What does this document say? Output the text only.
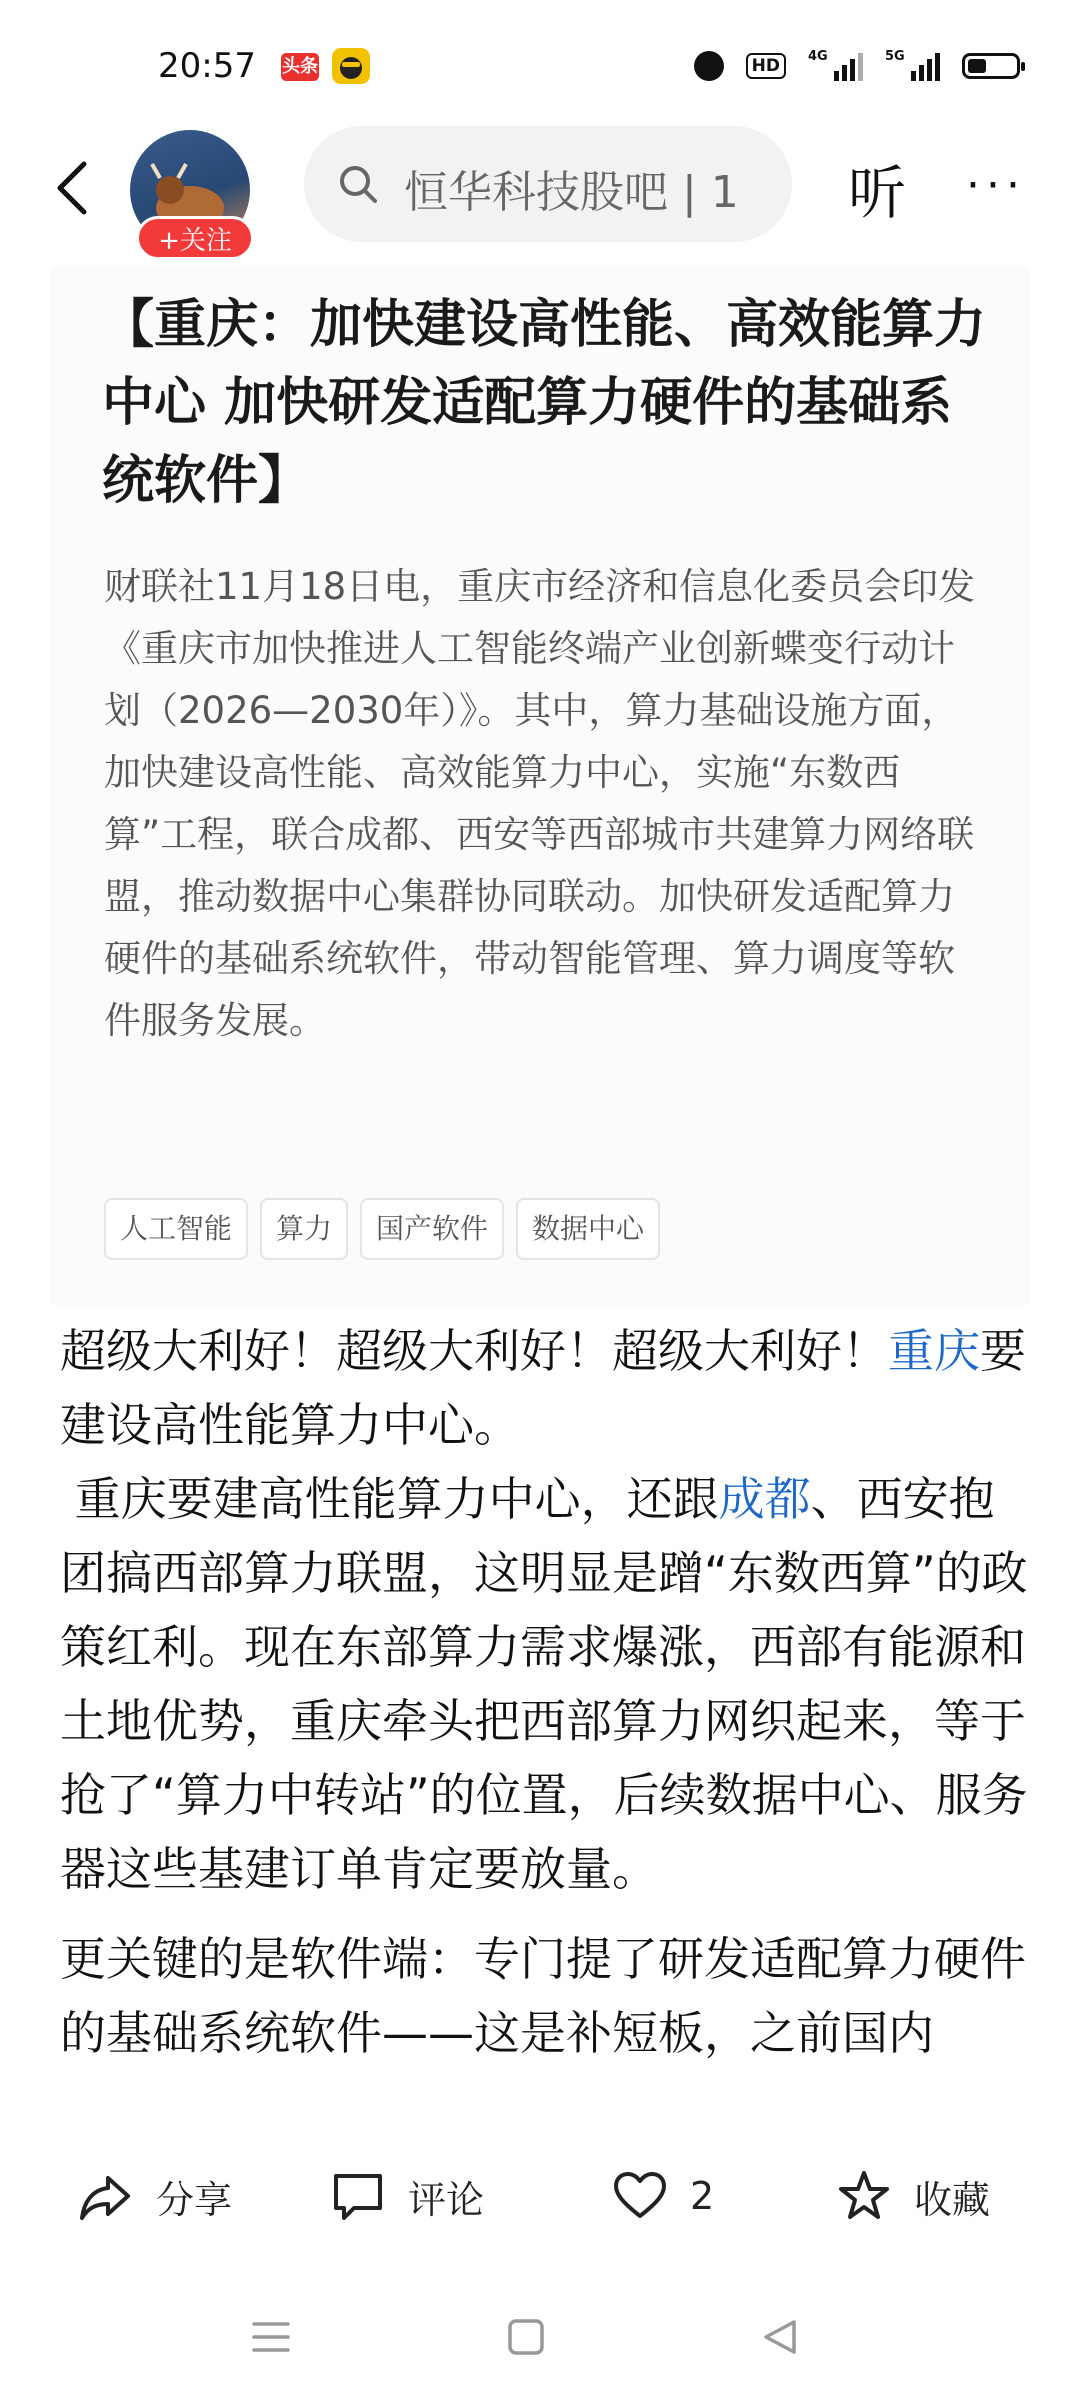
20:57 头条	HD	4G	5G
+关注
恒华科技股吧 | 1	听 ···
【重庆：加快建设高性能、高效能算力中心 加快研发适配算力硬件的基础系统软件】
财联社11月18日电，重庆市经济和信息化委员会印发《重庆市加快推进人工智能终端产业创新蝶变行动计划（2026—2030年）》。其中，算力基础设施方面，加快建设高性能、高效能算力中心，实施“东数西算”工程，联合成都、西安等西部城市共建算力网络联盟，推动数据中心集群协同联动。加快研发适配算力硬件的基础系统软件，带动智能管理、算力调度等软件服务发展。
人工智能	算力	国产软件	数据中心

超级大利好！超级大利好！超级大利好！重庆要建设高性能算力中心。

重庆要建高性能算力中心，还跟成都、西安抱团搞西部算力联盟，这明显是蹭“东数西算”的政策红利。现在东部算力需求爆涨，西部有能源和土地优势，重庆牵头把西部算力网织起来，等于抢了“算力中转站”的位置，后续数据中心、服务器这些基建订单肯定要放量。

更关键的是软件端：专门提了研发适配算力硬件的基础系统软件——这是补短板，之前国内

分享	评论	2	收藏
